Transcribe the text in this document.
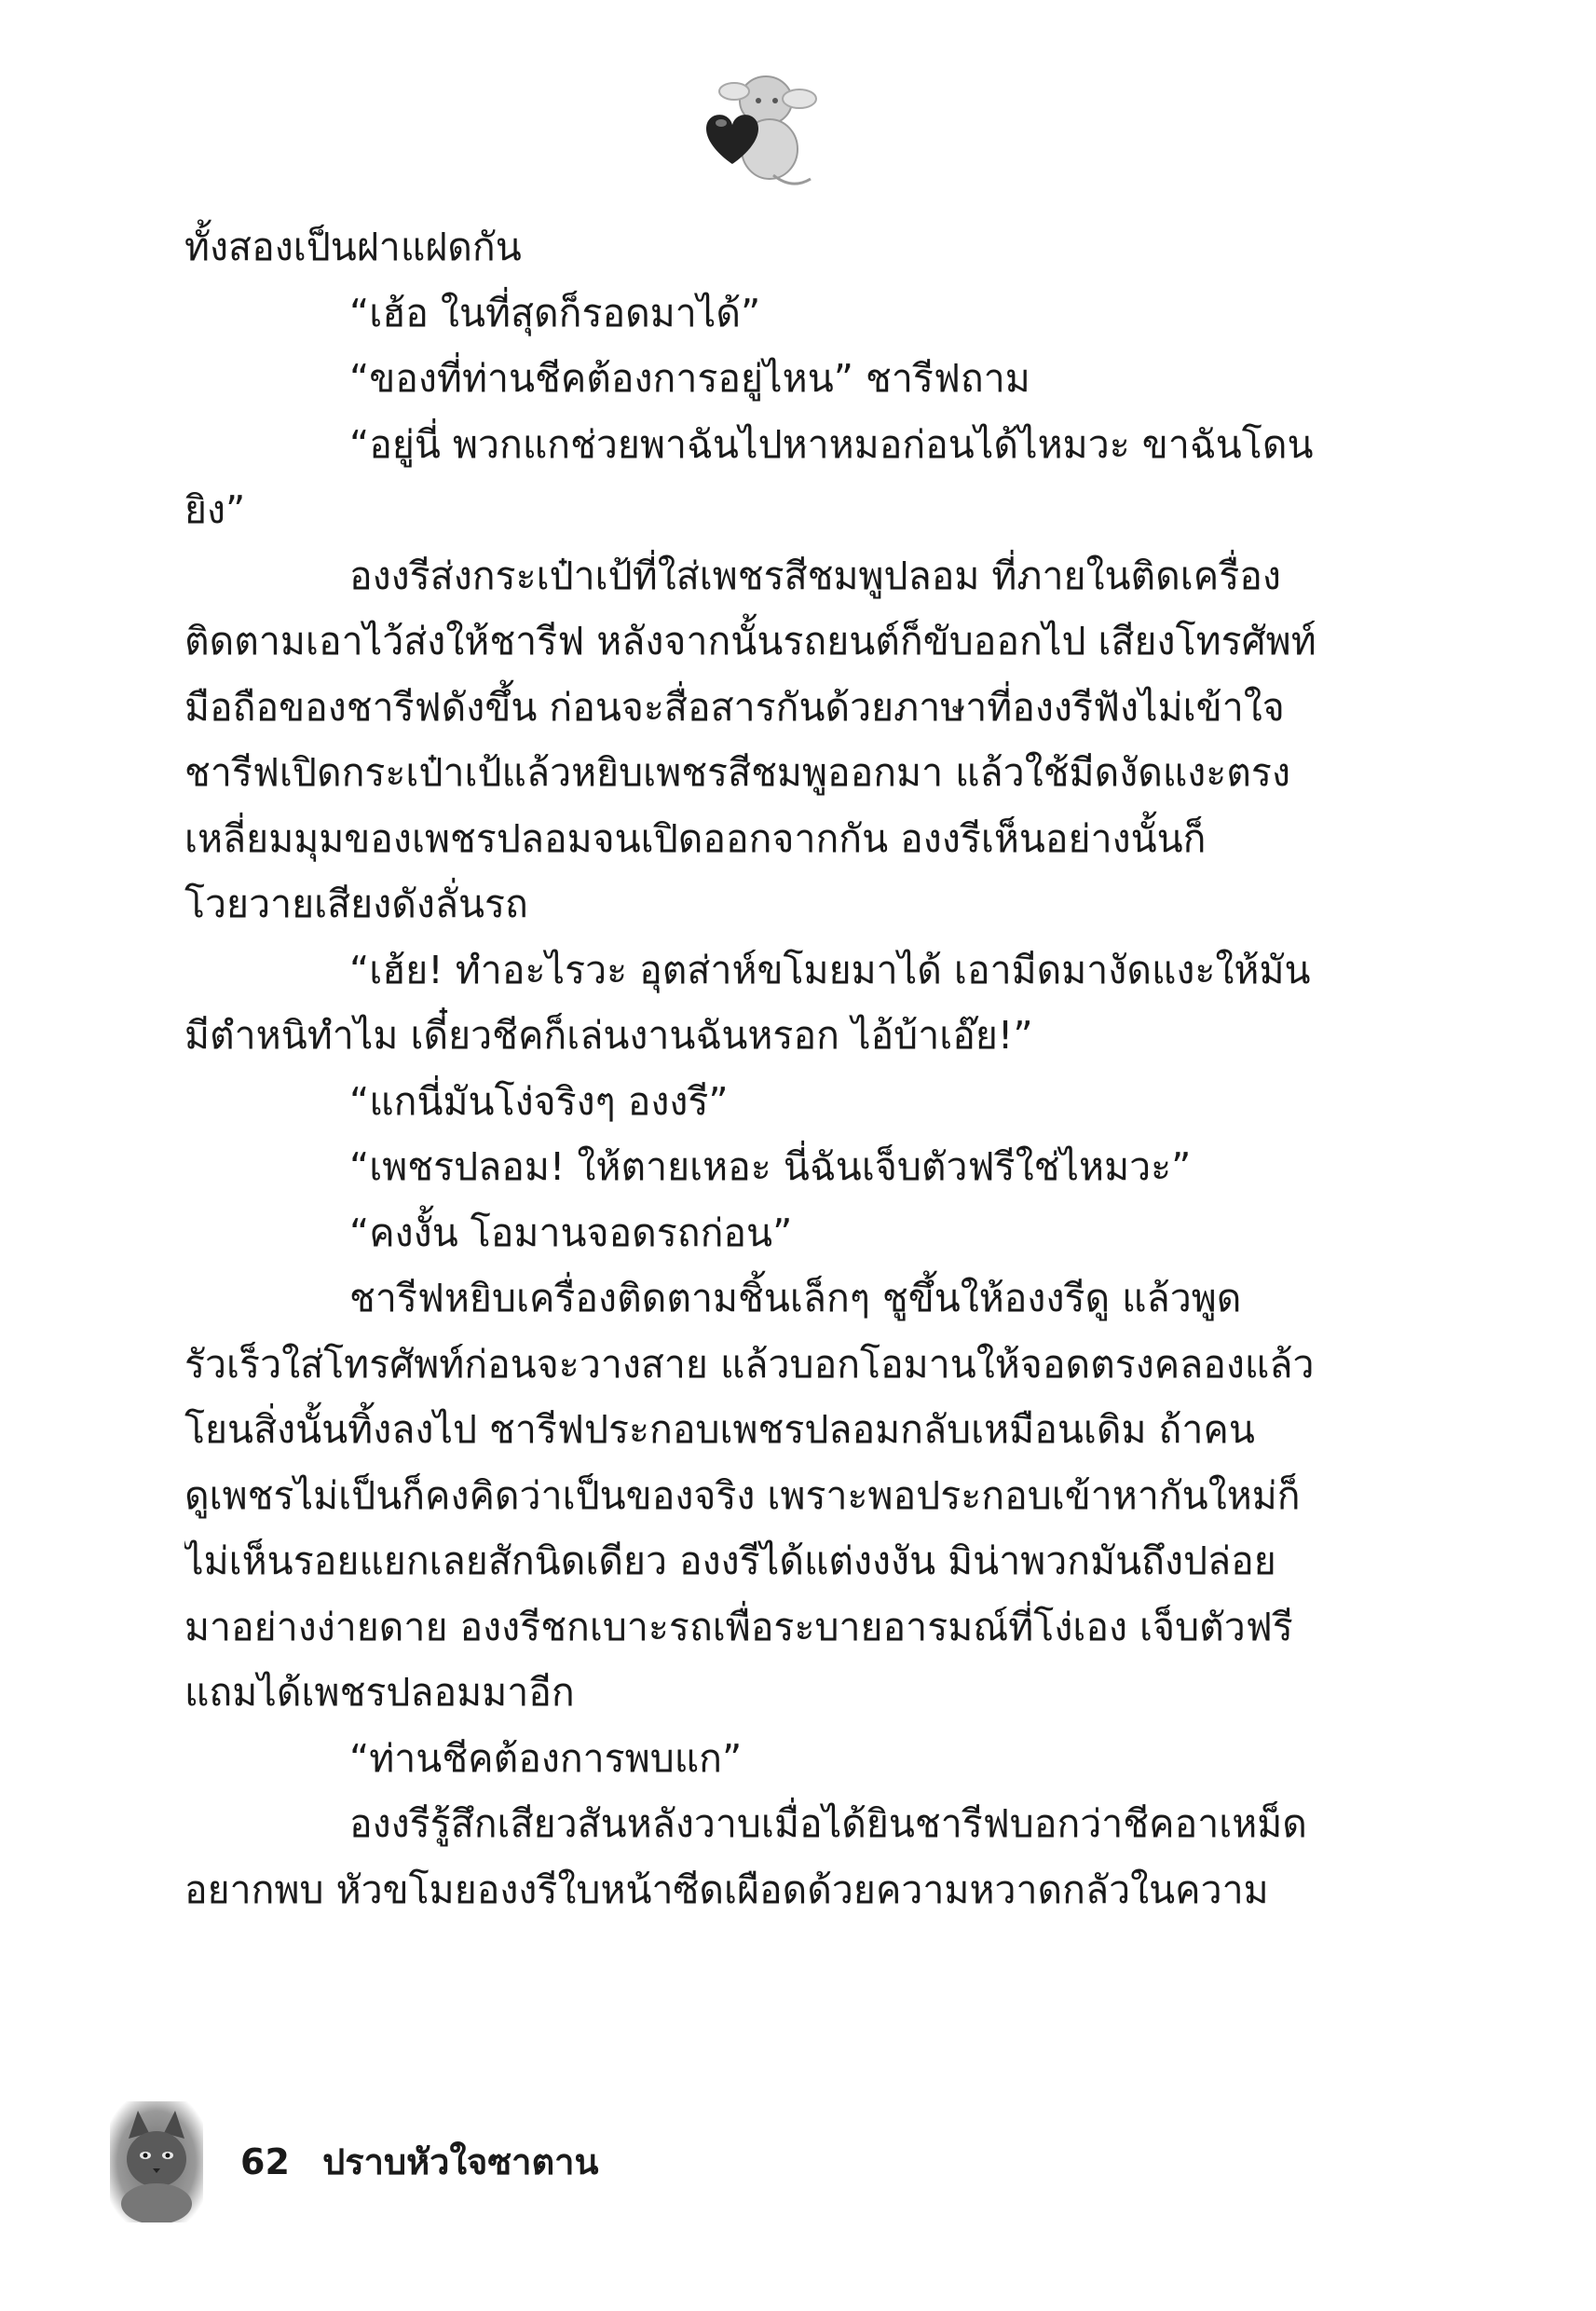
ทั้งสองเป็นฝาแฝดกัน
“เฮ้อ ในที่สุดก็รอดมาได้”
“ของที่ท่านชีคต้องการอยู่ไหน” ชารีฟถาม
“อยู่นี่ พวกแกช่วยพาฉันไปหาหมอก่อนได้ไหมวะ ขาฉันโดน
ยิง”
องงรีส่งกระเป๋าเป้ที่ใส่เพชรสีชมพูปลอม ที่ภายในติดเครื่อง
ติดตามเอาไว้ส่งให้ชารีฟ หลังจากนั้นรถยนต์ก็ขับออกไป เสียงโทรศัพท์
มือถือของชารีฟดังขึ้น ก่อนจะสื่อสารกันด้วยภาษาที่องงรีฟังไม่เข้าใจ
ชารีฟเปิดกระเป๋าเป้แล้วหยิบเพชรสีชมพูออกมา แล้วใช้มีดงัดแงะตรง
เหลี่ยมมุมของเพชรปลอมจนเปิดออกจากกัน องงรีเห็นอย่างนั้นก็
โวยวายเสียงดังลั่นรถ
“เฮ้ย! ทำอะไรวะ อุตส่าห์ขโมยมาได้ เอามีดมางัดแงะให้มัน
มีตำหนิทำไม เดี๋ยวชีคก็เล่นงานฉันหรอก ไอ้บ้าเอ๊ย!”
“แกนี่มันโง่จริงๆ องงรี”
“เพชรปลอม! ให้ตายเหอะ นี่ฉันเจ็บตัวฟรีใช่ไหมวะ”
“คงงั้น โอมานจอดรถก่อน”
ชารีฟหยิบเครื่องติดตามชิ้นเล็กๆ ชูขึ้นให้องงรีดู แล้วพูด
รัวเร็วใส่โทรศัพท์ก่อนจะวางสาย แล้วบอกโอมานให้จอดตรงคลองแล้ว
โยนสิ่งนั้นทิ้งลงไป ชารีฟประกอบเพชรปลอมกลับเหมือนเดิม ถ้าคน
ดูเพชรไม่เป็นก็คงคิดว่าเป็นของจริง เพราะพอประกอบเข้าหากันใหม่ก็
ไม่เห็นรอยแยกเลยสักนิดเดียว องงรีได้แต่งงงัน มิน่าพวกมันถึงปล่อย
มาอย่างง่ายดาย องงรีชกเบาะรถเพื่อระบายอารมณ์ที่โง่เอง เจ็บตัวฟรี
แถมได้เพชรปลอมมาอีก
“ท่านชีคต้องการพบแก”
องงรีรู้สึกเสียวสันหลังวาบเมื่อได้ยินชารีฟบอกว่าชีคอาเหม็ด
อยากพบ หัวขโมยองงรีใบหน้าซีดเผือดด้วยความหวาดกลัวในความ
62 ปราบหัวใจซาตาน
